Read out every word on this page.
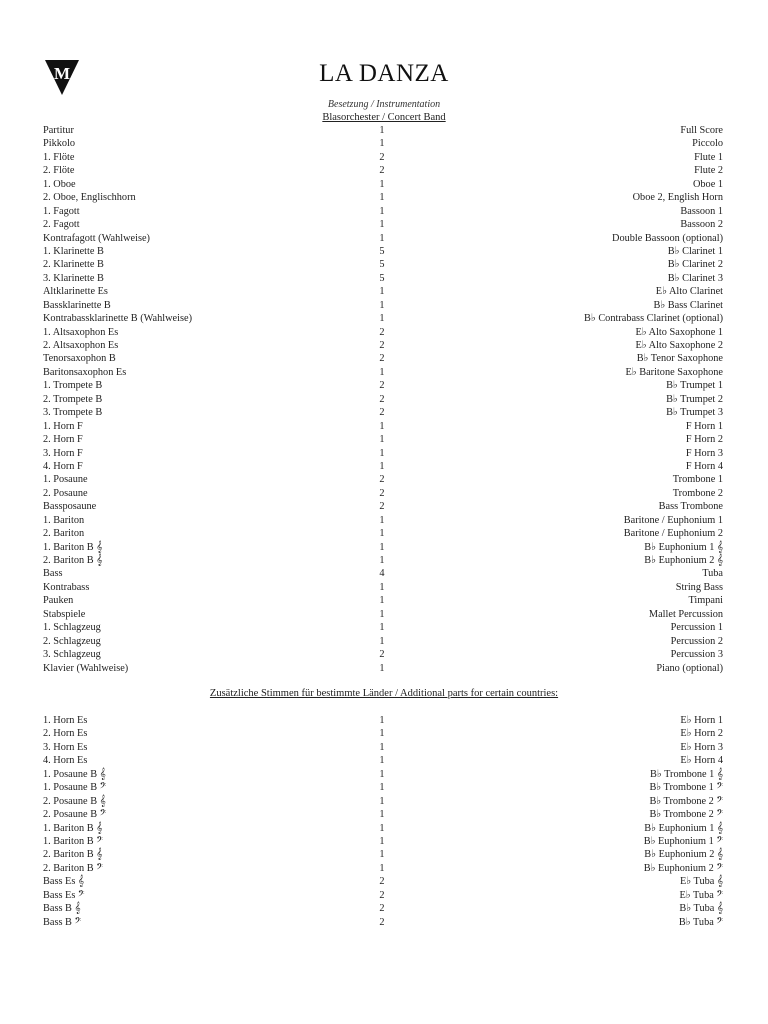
M	LA DANZA
Besetzung / Instrumentation
Blasorchester / Concert Band
Partitur	1	Full Score
Pikkolo	1	Piccolo
1. Flöte	2	Flute 1
2. Flöte	2	Flute 2
1. Oboe	1	Oboe 1
2. Oboe, Englischhorn	1	Oboe 2, English Horn
1. Fagott	1	Bassoon 1
2. Fagott	1	Bassoon 2
Kontrafagott (Wahlweise)	1	Double Bassoon (optional)
1. Klarinette B	5	B♭ Clarinet 1
2. Klarinette B	5	B♭ Clarinet 2
3. Klarinette B	5	B♭ Clarinet 3
Altklarinette Es	1	E♭ Alto Clarinet
Bassklarinette B	1	B♭ Bass Clarinet
Kontrabassklarinette B (Wahlweise)	1	B♭ Contrabass Clarinet (optional)
1. Altsaxophon Es	2	E♭ Alto Saxophone 1
2. Altsaxophon Es	2	E♭ Alto Saxophone 2
Tenorsaxophon B	2	B♭ Tenor Saxophone
Baritonsaxophon Es	1	E♭ Baritone Saxophone
1. Trompete B	2	B♭ Trumpet 1
2. Trompete B	2	B♭ Trumpet 2
3. Trompete B	2	B♭ Trumpet 3
1. Horn F	1	F Horn 1
2. Horn F	1	F Horn 2
3. Horn F	1	F Horn 3
4. Horn F	1	F Horn 4
1. Posaune	2	Trombone 1
2. Posaune	2	Trombone 2
Bassposaune	2	Bass Trombone
1. Bariton	1	Baritone / Euphonium 1
2. Bariton	1	Baritone / Euphonium 2
1. Bariton B 𝄞	1	B♭ Euphonium 1 𝄞
2. Bariton B 𝄞	1	B♭ Euphonium 2 𝄞
Bass	4	Tuba
Kontrabass	1	String Bass
Pauken	1	Timpani
Stabspiele	1	Mallet Percussion
1. Schlagzeug	1	Percussion 1
2. Schlagzeug	1	Percussion 2
3. Schlagzeug	2	Percussion 3
Klavier (Wahlweise)	1	Piano (optional)
Zusätzliche Stimmen für bestimmte Länder / Additional parts for certain countries:
1. Horn Es	1	E♭ Horn 1
2. Horn Es	1	E♭ Horn 2
3. Horn Es	1	E♭ Horn 3
4. Horn Es	1	E♭ Horn 4
1. Posaune B 𝄞	1	B♭ Trombone 1 𝄞
1. Posaune B 𝄢	1	B♭ Trombone 1 𝄢
2. Posaune B 𝄞	1	B♭ Trombone 2 𝄢
2. Posaune B 𝄢	1	B♭ Trombone 2 𝄢
1. Bariton B 𝄞	1	B♭ Euphonium 1 𝄞
1. Bariton B 𝄢	1	B♭ Euphonium 1 𝄢
2. Bariton B 𝄞	1	B♭ Euphonium 2 𝄞
2. Bariton B 𝄢	1	B♭ Euphonium 2 𝄢
Bass Es 𝄞	2	E♭ Tuba 𝄞
Bass Es 𝄢	2	E♭ Tuba 𝄢
Bass B 𝄞	2	B♭ Tuba 𝄞
Bass B 𝄢	2	B♭ Tuba 𝄢
